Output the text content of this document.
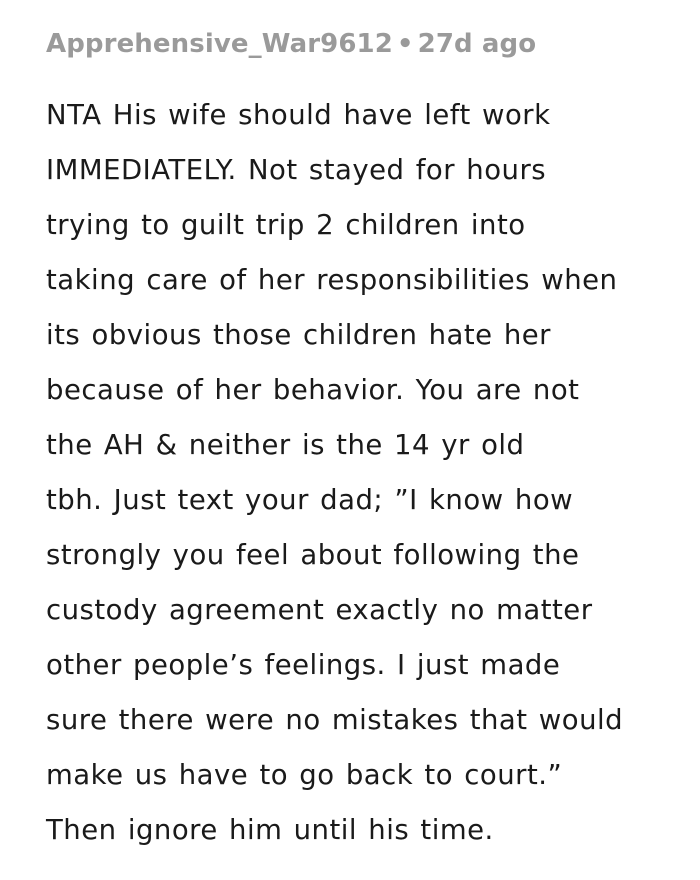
Apprehensive_War9612 • 27d ago
NTA His wife should have left work
IMMEDIATELY. Not stayed for hours
trying to guilt trip 2 children into
taking care of her responsibilities when
its obvious those children hate her
because of her behavior. You are not
the AH & neither is the 14 yr old
tbh. Just text your dad; ”I know how
strongly you feel about following the
custody agreement exactly no matter
other people’s feelings. I just made
sure there were no mistakes that would
make us have to go back to court.”
Then ignore him until his time.
